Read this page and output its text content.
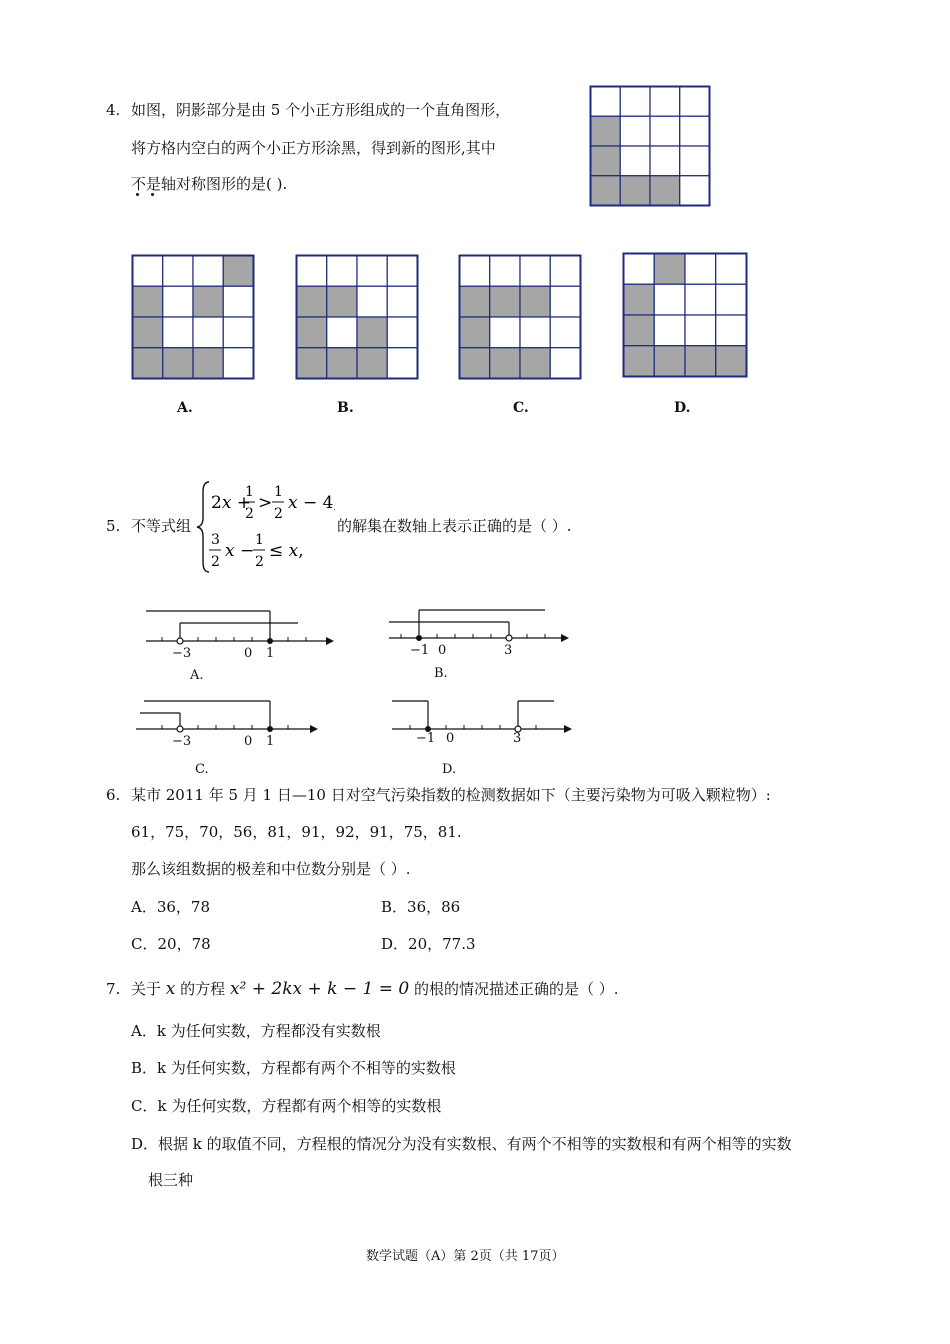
4. 如图，阴影部分是由 5 个小正方形组成的一个直角图形，
将方格内空白的两个小正方形涂黑，得到新的图形,其中
不是轴对称图形的是( ).
A.	B.	C.	D.
5. 不等式组
2x +
1
2
>
1
2
x − 4,
3
2
x −
1
2
≤ x,
的解集在数轴上表示正确的是（ ）.
−3	0 1
A.
−1 0	3
B.
−3	0 1
C.
−1 0	3
D.
6. 某市 2011 年 5 月 1 日—10 日对空气污染指数的检测数据如下（主要污染物为可吸入颗粒物）:
61，75，70，56，81，91，92，91，75，81.
那么该组数据的极差和中位数分别是（ ）.
A．36，78	B．36，86
C．20，78	D．20，77.3
7. 关于 x 的方程 x² + 2kx + k − 1 = 0 的根的情况描述正确的是（ ）.
A．k 为任何实数，方程都没有实数根
B．k 为任何实数，方程都有两个不相等的实数根
C．k 为任何实数，方程都有两个相等的实数根
D．根据 k 的取值不同，方程根的情况分为没有实数根、有两个不相等的实数根和有两个相等的实数
根三种
数学试题（A）第 2页（共 17页）
